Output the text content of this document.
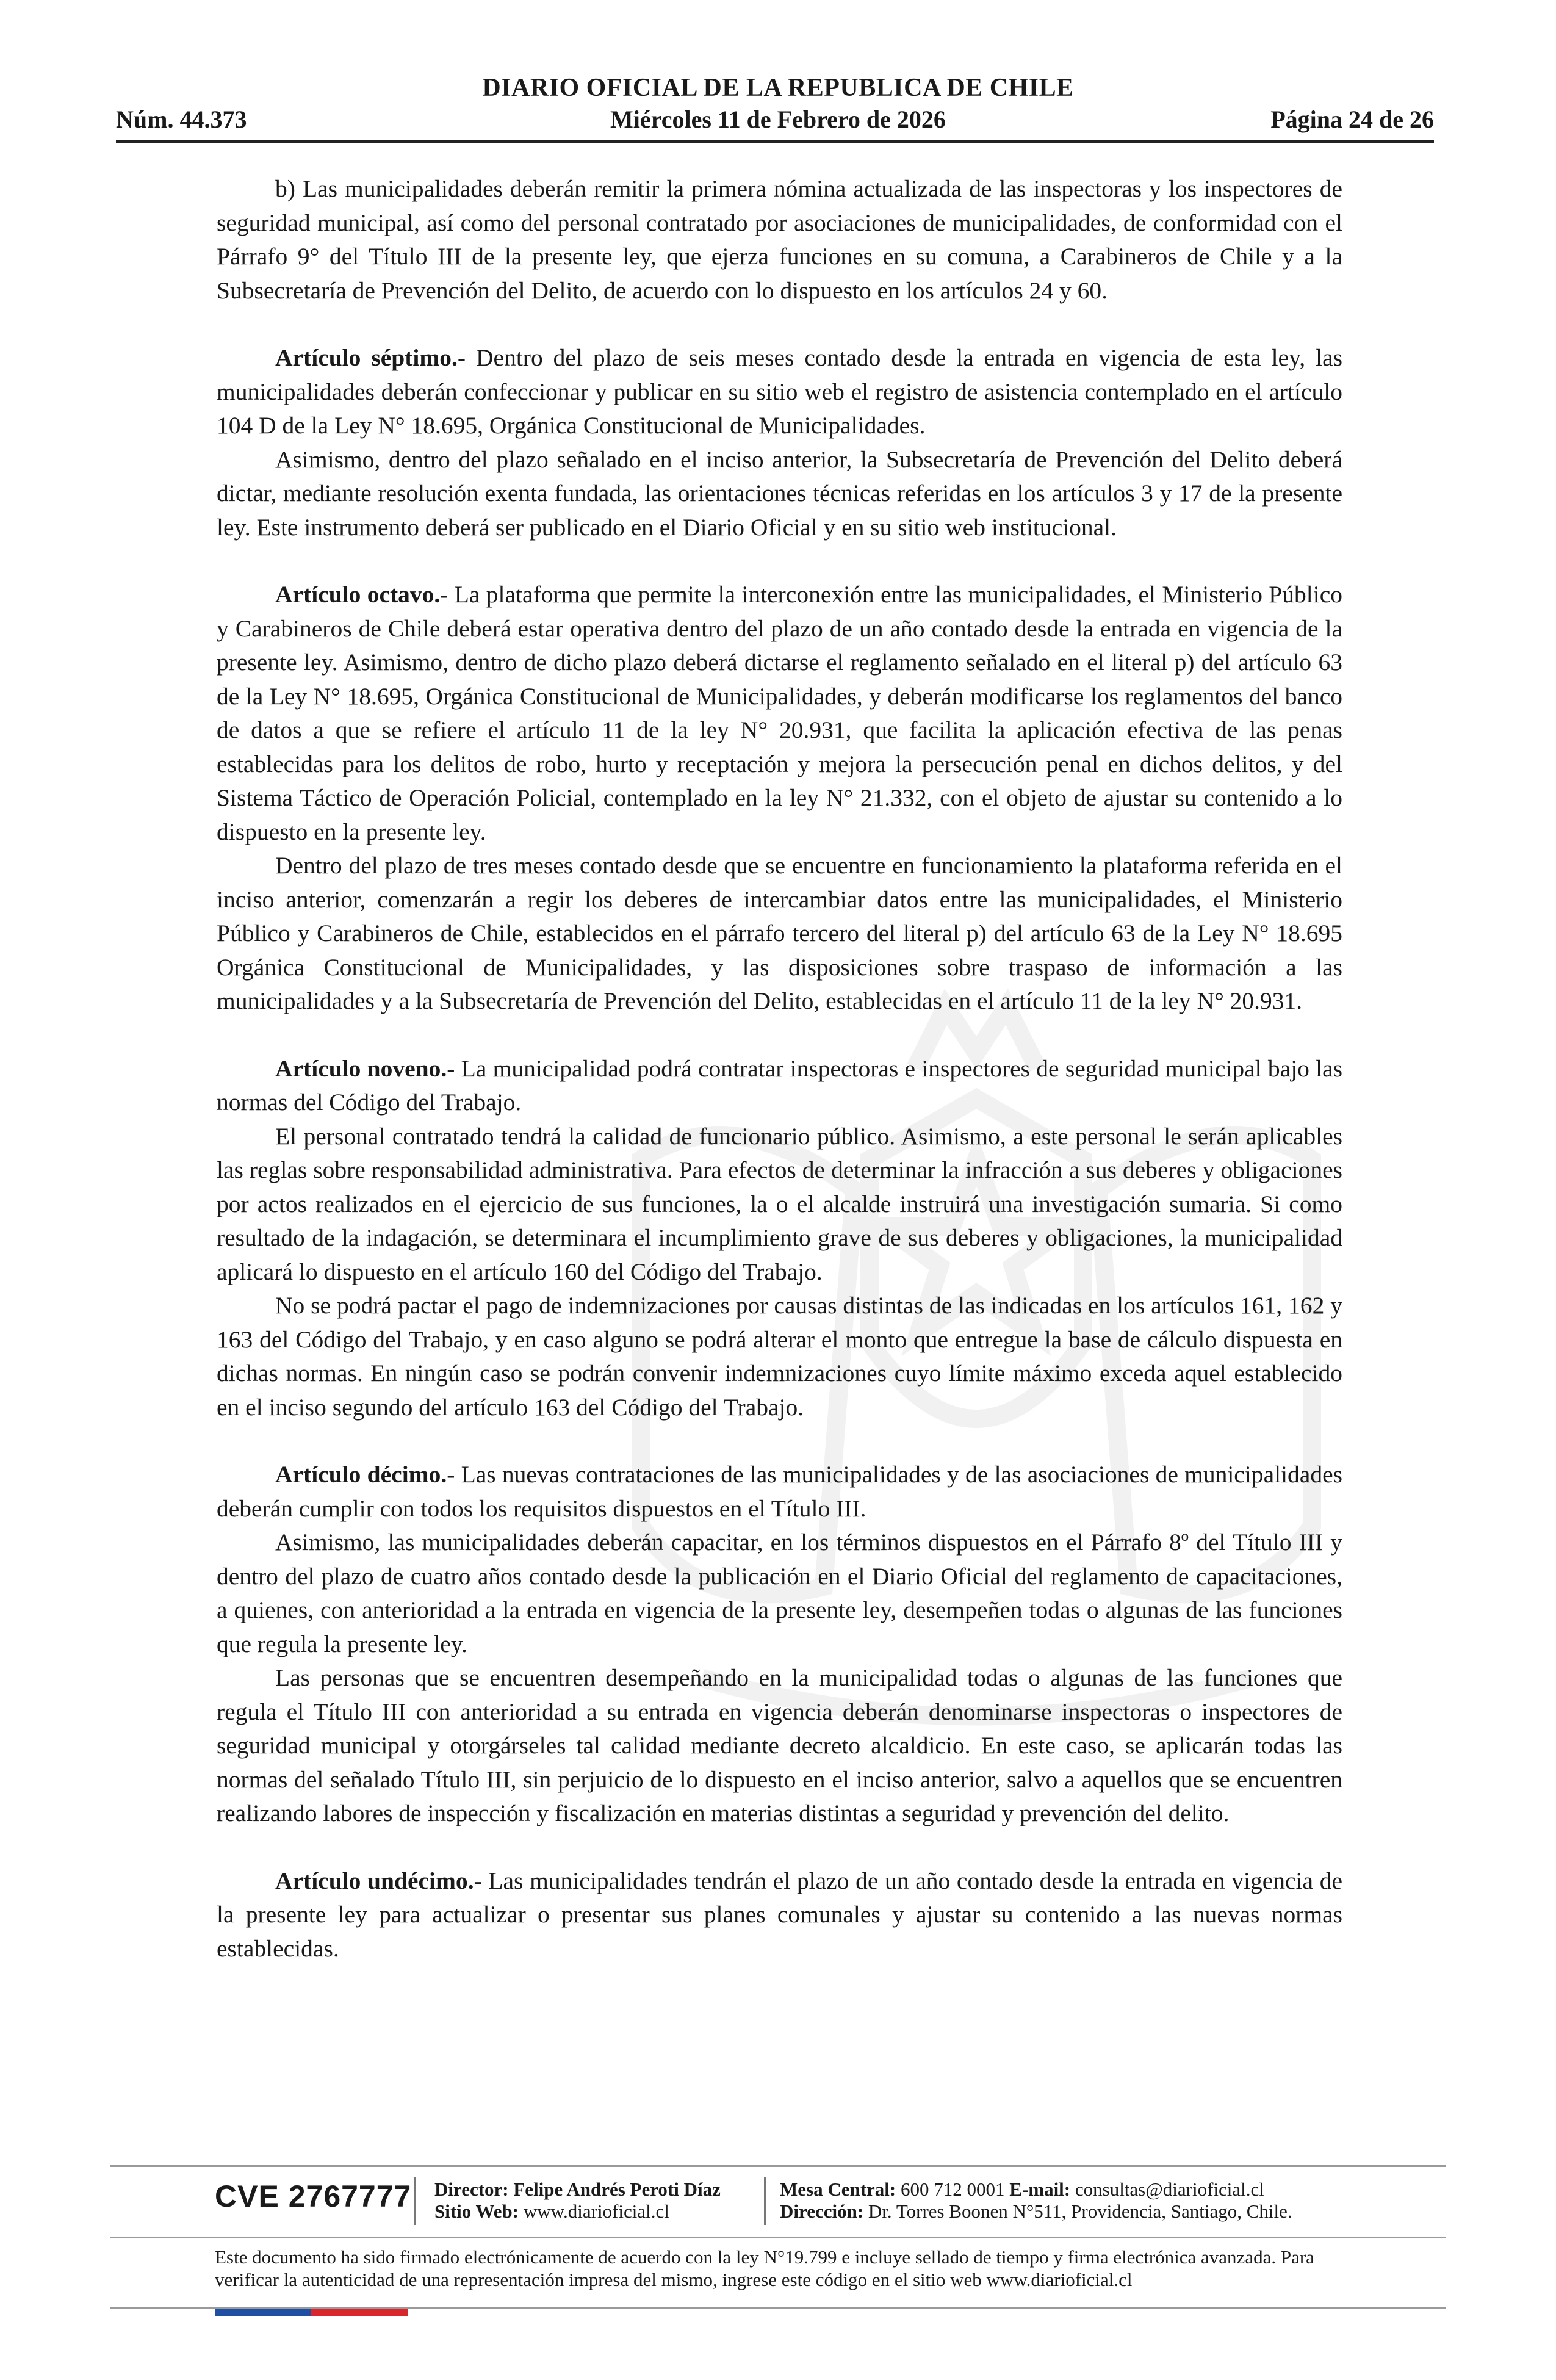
DIARIO OFICIAL DE LA REPUBLICA DE CHILE
Núm. 44.373	Miércoles 11 de Febrero de 2026	Página 24 de 26

b) Las municipalidades deberán remitir la primera nómina actualizada de las inspectoras y los inspectores de seguridad municipal, así como del personal contratado por asociaciones de municipalidades, de conformidad con el Párrafo 9° del Título III de la presente ley, que ejerza funciones en su comuna, a Carabineros de Chile y a la Subsecretaría de Prevención del Delito, de acuerdo con lo dispuesto en los artículos 24 y 60.

Artículo séptimo.- Dentro del plazo de seis meses contado desde la entrada en vigencia de esta ley, las municipalidades deberán confeccionar y publicar en su sitio web el registro de asistencia contemplado en el artículo 104 D de la Ley N° 18.695, Orgánica Constitucional de Municipalidades.

Asimismo, dentro del plazo señalado en el inciso anterior, la Subsecretaría de Prevención del Delito deberá dictar, mediante resolución exenta fundada, las orientaciones técnicas referidas en los artículos 3 y 17 de la presente ley. Este instrumento deberá ser publicado en el Diario Oficial y en su sitio web institucional.

Artículo octavo.- La plataforma que permite la interconexión entre las municipalidades, el Ministerio Público y Carabineros de Chile deberá estar operativa dentro del plazo de un año contado desde la entrada en vigencia de la presente ley. Asimismo, dentro de dicho plazo deberá dictarse el reglamento señalado en el literal p) del artículo 63 de la Ley N° 18.695, Orgánica Constitucional de Municipalidades, y deberán modificarse los reglamentos del banco de datos a que se refiere el artículo 11 de la ley N° 20.931, que facilita la aplicación efectiva de las penas establecidas para los delitos de robo, hurto y receptación y mejora la persecución penal en dichos delitos, y del Sistema Táctico de Operación Policial, contemplado en la ley N° 21.332, con el objeto de ajustar su contenido a lo dispuesto en la presente ley.

Dentro del plazo de tres meses contado desde que se encuentre en funcionamiento la plataforma referida en el inciso anterior, comenzarán a regir los deberes de intercambiar datos entre las municipalidades, el Ministerio Público y Carabineros de Chile, establecidos en el párrafo tercero del literal p) del artículo 63 de la Ley N° 18.695 Orgánica Constitucional de Municipalidades, y las disposiciones sobre traspaso de información a las municipalidades y a la Subsecretaría de Prevención del Delito, establecidas en el artículo 11 de la ley N° 20.931.

Artículo noveno.- La municipalidad podrá contratar inspectoras e inspectores de seguridad municipal bajo las normas del Código del Trabajo.

El personal contratado tendrá la calidad de funcionario público. Asimismo, a este personal le serán aplicables las reglas sobre responsabilidad administrativa. Para efectos de determinar la infracción a sus deberes y obligaciones por actos realizados en el ejercicio de sus funciones, la o el alcalde instruirá una investigación sumaria. Si como resultado de la indagación, se determinara el incumplimiento grave de sus deberes y obligaciones, la municipalidad aplicará lo dispuesto en el artículo 160 del Código del Trabajo.

No se podrá pactar el pago de indemnizaciones por causas distintas de las indicadas en los artículos 161, 162 y 163 del Código del Trabajo, y en caso alguno se podrá alterar el monto que entregue la base de cálculo dispuesta en dichas normas. En ningún caso se podrán convenir indemnizaciones cuyo límite máximo exceda aquel establecido en el inciso segundo del artículo 163 del Código del Trabajo.

Artículo décimo.- Las nuevas contrataciones de las municipalidades y de las asociaciones de municipalidades deberán cumplir con todos los requisitos dispuestos en el Título III.

Asimismo, las municipalidades deberán capacitar, en los términos dispuestos en el Párrafo 8º del Título III y dentro del plazo de cuatro años contado desde la publicación en el Diario Oficial del reglamento de capacitaciones, a quienes, con anterioridad a la entrada en vigencia de la presente ley, desempeñen todas o algunas de las funciones que regula la presente ley.

Las personas que se encuentren desempeñando en la municipalidad todas o algunas de las funciones que regula el Título III con anterioridad a su entrada en vigencia deberán denominarse inspectoras o inspectores de seguridad municipal y otorgárseles tal calidad mediante decreto alcaldicio. En este caso, se aplicarán todas las normas del señalado Título III, sin perjuicio de lo dispuesto en el inciso anterior, salvo a aquellos que se encuentren realizando labores de inspección y fiscalización en materias distintas a seguridad y prevención del delito.

Artículo undécimo.- Las municipalidades tendrán el plazo de un año contado desde la entrada en vigencia de la presente ley para actualizar o presentar sus planes comunales y ajustar su contenido a las nuevas normas establecidas.

CVE 2767777 Director: Felipe Andrés Peroti Díaz
Sitio Web: www.diarioficial.cl
Mesa Central: 600 712 0001 E-mail: consultas@diarioficial.cl
Dirección: Dr. Torres Boonen N°511, Providencia, Santiago, Chile.
Este documento ha sido firmado electrónicamente de acuerdo con la ley N°19.799 e incluye sellado de tiempo y firma electrónica avanzada. Para verificar la autenticidad de una representación impresa del mismo, ingrese este código en el sitio web www.diarioficial.cl
